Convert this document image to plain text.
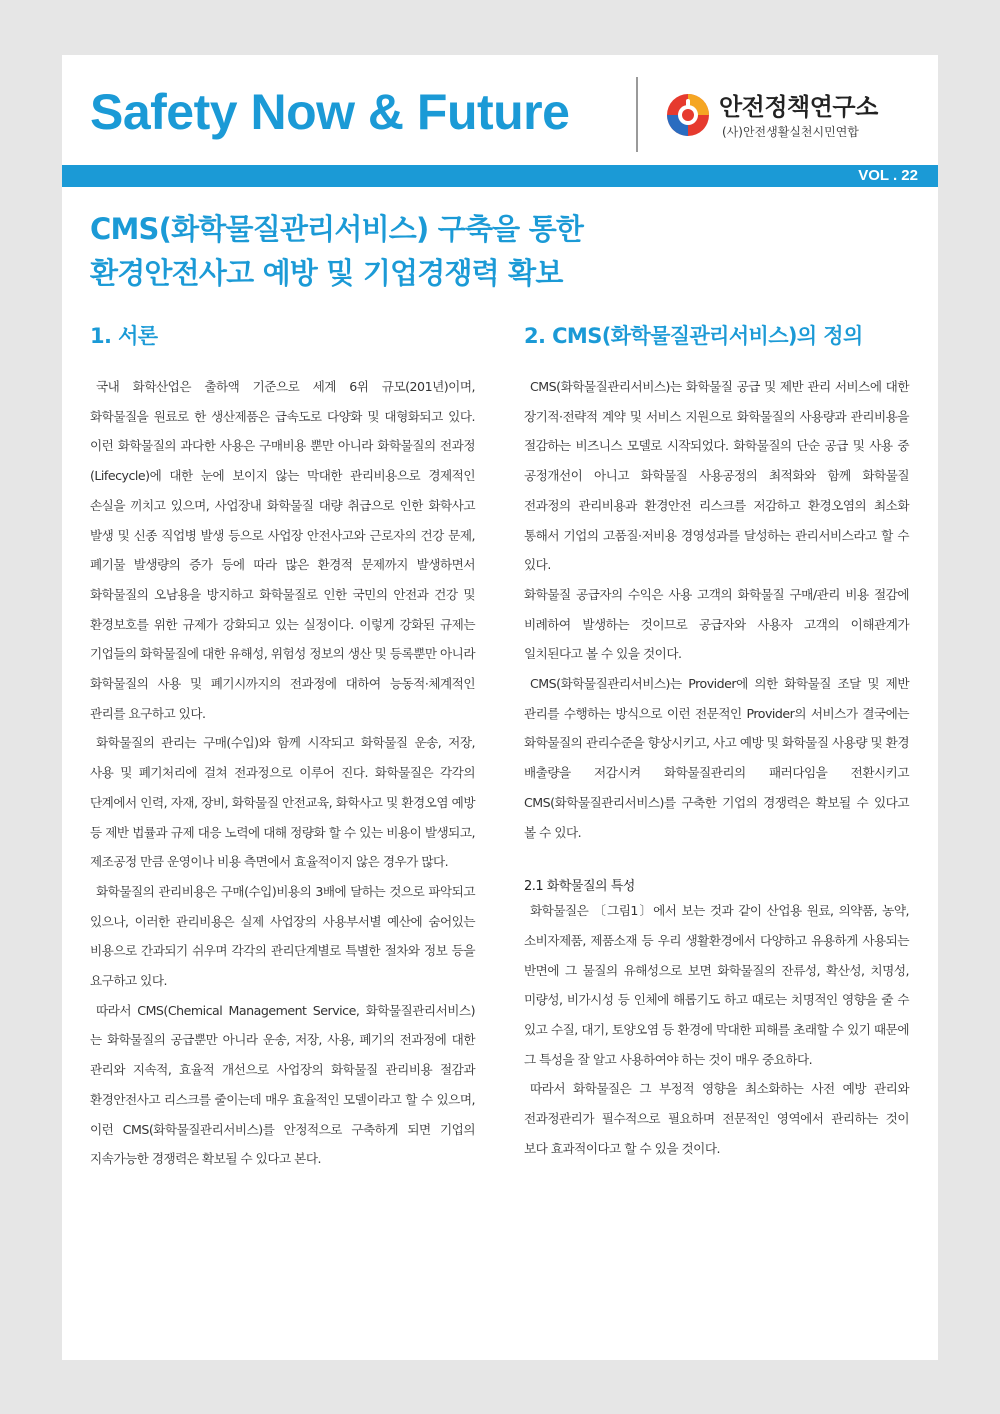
Safety Now & Future	안전정책연구소
(사)안전생활실천시민연합
VOL . 22
CMS(화학물질관리서비스) 구축을 통한
환경안전사고 예방 및 기업경쟁력 확보
1. 서론

국내 화학산업은 출하액 기준으로 세계 6위 규모(201년)이며, 화학물질을 원료로 한 생산제품은 급속도로 다양화 및 대형화되고 있다. 이런 화학물질의 과다한 사용은 구매비용 뿐만 아니라 화학물질의 전과정(Lifecycle)에 대한 눈에 보이지 않는 막대한 관리비용으로 경제적인 손실을 끼치고 있으며, 사업장내 화학물질 대량 취급으로 인한 화학사고 발생 및 신종 직업병 발생 등으로 사업장 안전사고와 근로자의 건강 문제, 폐기물 발생량의 증가 등에 따라 많은 환경적 문제까지 발생하면서 화학물질의 오남용을 방지하고 화학물질로 인한 국민의 안전과 건강 및 환경보호를 위한 규제가 강화되고 있는 실정이다. 이렇게 강화된 규제는 기업들의 화학물질에 대한 유해성, 위험성 정보의 생산 및 등록뿐만 아니라 화학물질의 사용 및 폐기시까지의 전과정에 대하여 능동적·체계적인 관리를 요구하고 있다.

화학물질의 관리는 구매(수입)와 함께 시작되고 화학물질 운송, 저장, 사용 및 폐기처리에 걸쳐 전과정으로 이루어 진다. 화학물질은 각각의 단계에서 인력, 자재, 장비, 화학물질 안전교육, 화학사고 및 환경오염 예방 등 제반 법률과 규제 대응 노력에 대해 정량화 할 수 있는 비용이 발생되고, 제조공정 만큼 운영이나 비용 측면에서 효율적이지 않은 경우가 많다.

화학물질의 관리비용은 구매(수입)비용의 3배에 달하는 것으로 파악되고 있으나, 이러한 관리비용은 실제 사업장의 사용부서별 예산에 숨어있는 비용으로 간과되기 쉬우며 각각의 관리단계별로 특별한 절차와 정보 등을 요구하고 있다.

따라서 CMS(Chemical Management Service, 화학물질관리서비스)는 화학물질의 공급뿐만 아니라 운송, 저장, 사용, 폐기의 전과정에 대한 관리와 지속적, 효율적 개선으로 사업장의 화학물질 관리비용 절감과 환경안전사고 리스크를 줄이는데 매우 효율적인 모델이라고 할 수 있으며, 이런 CMS(화학물질관리서비스)를 안정적으로 구축하게 되면 기업의 지속가능한 경쟁력은 확보될 수 있다고 본다.

2. CMS(화학물질관리서비스)의 정의

CMS(화학물질관리서비스)는 화학물질 공급 및 제반 관리 서비스에 대한 장기적·전략적 계약 및 서비스 지원으로 화학물질의 사용량과 관리비용을 절감하는 비즈니스 모델로 시작되었다. 화학물질의 단순 공급 및 사용 중 공정개선이 아니고 화학물질 사용공정의 최적화와 함께 화학물질 전과정의 관리비용과 환경안전 리스크를 저감하고 환경오염의 최소화 통해서 기업의 고품질·저비용 경영성과를 달성하는 관리서비스라고 할 수 있다.

화학물질 공급자의 수익은 사용 고객의 화학물질 구매/관리 비용 절감에 비례하여 발생하는 것이므로 공급자와 사용자 고객의 이해관계가 일치된다고 볼 수 있을 것이다.

CMS(화학물질관리서비스)는 Provider에 의한 화학물질 조달 및 제반 관리를 수행하는 방식으로 이런 전문적인 Provider의 서비스가 결국에는 화학물질의 관리수준을 향상시키고, 사고 예방 및 화학물질 사용량 및 환경 배출량을 저감시켜 화학물질관리의 패러다임을 전환시키고 CMS(화학물질관리서비스)를 구축한 기업의 경쟁력은 확보될 수 있다고 볼 수 있다.

2.1 화학물질의 특성

화학물질은 〔그림1〕에서 보는 것과 같이 산업용 원료, 의약품, 농약, 소비자제품, 제품소재 등 우리 생활환경에서 다양하고 유용하게 사용되는 반면에 그 물질의 유해성으로 보면 화학물질의 잔류성, 확산성, 치명성, 미량성, 비가시성 등 인체에 해롭기도 하고 때로는 치명적인 영향을 줄 수 있고 수질, 대기, 토양오염 등 환경에 막대한 피해를 초래할 수 있기 때문에 그 특성을 잘 알고 사용하여야 하는 것이 매우 중요하다.

따라서 화학물질은 그 부정적 영향을 최소화하는 사전 예방 관리와 전과정관리가 필수적으로 필요하며 전문적인 영역에서 관리하는 것이 보다 효과적이다고 할 수 있을 것이다.
